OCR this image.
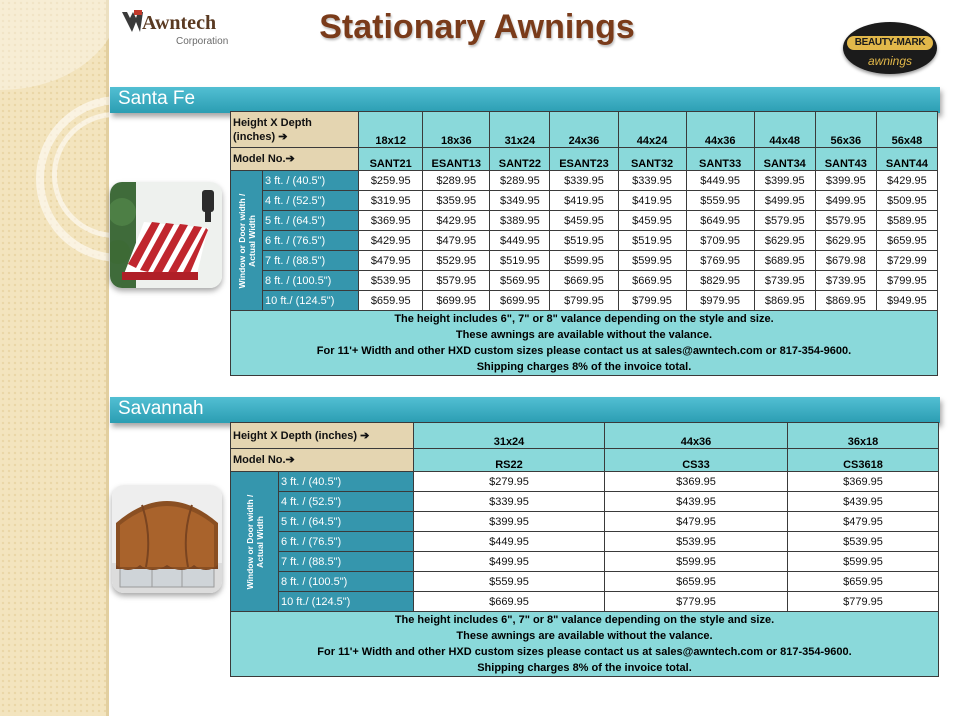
Awntech
Corporation	Stationary Awnings	BEAUTY-MARK
awnings
Santa Fe
Height X Depth
(inches) ➔		18x12	18x36	31x24	24x36	44x24	44x36	44x48	56x36	56x48
Model No.➔		SANT21	ESANT13	SANT22	ESANT23	SANT32	SANT33	SANT34	SANT43	SANT44

Window or Door width / Actual Width	3 ft. / (40.5")	$259.95	$289.95	$289.95	$339.95	$339.95	$449.95	$399.95	$399.95	$429.95
	4 ft. / (52.5")	$319.95	$359.95	$349.95	$419.95	$419.95	$559.95	$499.95	$499.95	$509.95
	5 ft. / (64.5")	$369.95	$429.95	$389.95	$459.95	$459.95	$649.95	$579.95	$579.95	$589.95
	6 ft. / (76.5")	$429.95	$479.95	$449.95	$519.95	$519.95	$709.95	$629.95	$629.95	$659.95
	7 ft. / (88.5")	$479.95	$529.95	$519.95	$599.95	$599.95	$769.95	$689.95	$679.98	$729.99
	8 ft. / (100.5")	$539.95	$579.95	$569.95	$669.95	$669.95	$829.95	$739.95	$739.95	$799.95
	10 ft./ (124.5")	$659.95	$699.95	$699.95	$799.95	$799.95	$979.95	$869.95	$869.95	$949.95

The height includes 6", 7" or 8" valance depending on the style and size.
These awnings are available without the valance.
For 11'+ Width and other HXD custom sizes please contact us at sales@awntech.com or 817-354-9600.
Shipping charges 8% of the invoice total.										
Savannah
Height X Depth (inches) ➔		31x24	44x36	36x18
Model No.➔		RS22	CS33	CS3618

Window or Door width / Actual Width	3 ft. / (40.5")	$279.95	$369.95	$369.95
	4 ft. / (52.5")	$339.95	$439.95	$439.95
	5 ft. / (64.5")	$399.95	$479.95	$479.95
	6 ft. / (76.5")	$449.95	$539.95	$539.95
	7 ft. / (88.5")	$499.95	$599.95	$599.95
	8 ft. / (100.5")	$559.95	$659.95	$659.95
	10 ft./ (124.5")	$669.95	$779.95	$779.95

The height includes 6", 7" or 8" valance depending on the style and size.
These awnings are available without the valance.
For 11'+ Width and other HXD custom sizes please contact us at sales@awntech.com or 817-354-9600.
Shipping charges 8% of the invoice total.				
